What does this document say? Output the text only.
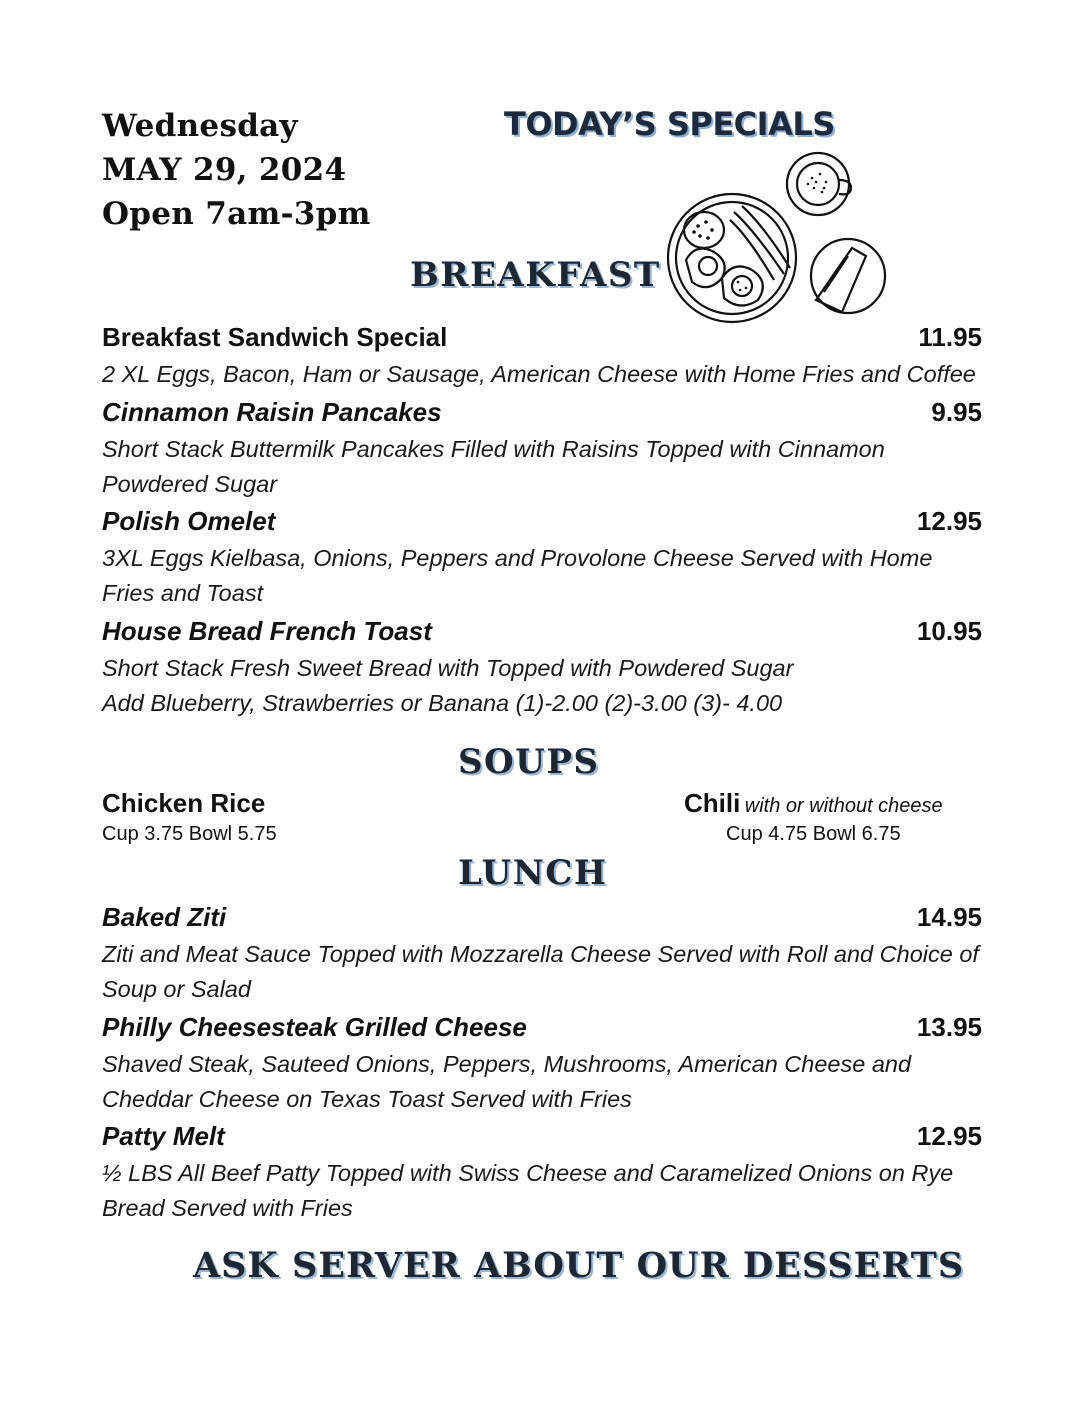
Wednesday

MAY 29, 2024

Open 7am-3pm

TODAY’S SPECIALS
BREAKFAST
Breakfast Sandwich Special	11.95
2 XL Eggs, Bacon, Ham or Sausage, American Cheese with Home Fries and Coffee
Cinnamon Raisin Pancakes	9.95
Short Stack Buttermilk Pancakes Filled with Raisins Topped with Cinnamon Powdered Sugar
Polish Omelet	12.95
3XL Eggs Kielbasa, Onions, Peppers and Provolone Cheese Served with Home Fries and Toast
House Bread French Toast	10.95
Short Stack Fresh Sweet Bread with Topped with Powdered Sugar
Add Blueberry, Strawberries or Banana (1)-2.00 (2)-3.00 (3)- 4.00
SOUPS
Chicken Rice
Cup 3.75 Bowl 5.75
Chili with or without cheese
Cup 4.75 Bowl 6.75
LUNCH
Baked Ziti	14.95
Ziti and Meat Sauce Topped with Mozzarella Cheese Served with Roll and Choice of Soup or Salad
Philly Cheesesteak Grilled Cheese	13.95
Shaved Steak, Sauteed Onions, Peppers, Mushrooms, American Cheese and Cheddar Cheese on Texas Toast Served with Fries
Patty Melt	12.95
½ LBS All Beef Patty Topped with Swiss Cheese and Caramelized Onions on Rye Bread Served with Fries
ASK SERVER ABOUT OUR DESSERTS
